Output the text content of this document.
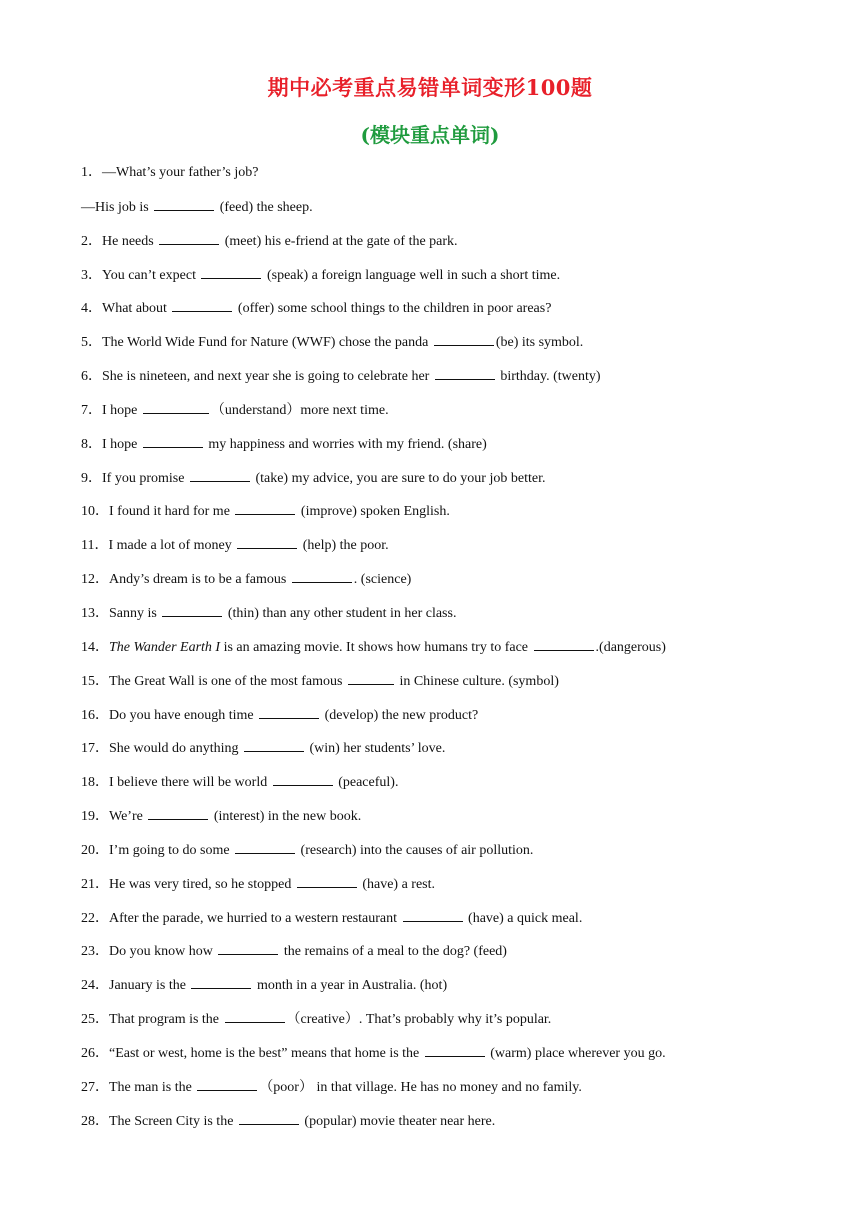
期中必考重点易错单词变形100题
(模块重点单词)
1．—What’s your father’s job?
—His job is	(feed) the sheep.
2．He needs	(meet) his e-friend at the gate of the park.
3．You can’t expect	(speak) a foreign language well in such a short time.
4．What about	(offer) some school things to the children in poor areas?
5．The World Wide Fund for Nature (WWF) chose the panda	(be) its symbol.
6．She is nineteen, and next year she is going to celebrate her	birthday. (twenty)
7．I hope	（understand）more next time.
8．I hope	my happiness and worries with my friend. (share)
9．If you promise	(take) my advice, you are sure to do your job better.
10．I found it hard for me	(improve) spoken English.
11．I made a lot of money	(help) the poor.
12．Andy’s dream is to be a famous	. (science)
13．Sanny is	(thin) than any other student in her class.
14．The Wander Earth I is an amazing movie. It shows how humans try to face	.(dangerous)
15．The Great Wall is one of the most famous	in Chinese culture. (symbol)
16．Do you have enough time	(develop) the new product?
17．She would do anything	(win) her students’ love.
18．I believe there will be world	(peaceful).
19．We’re	(interest) in the new book.
20．I’m going to do some	(research) into the causes of air pollution.
21．He was very tired, so he stopped	(have) a rest.
22．After the parade, we hurried to a western restaurant	(have) a quick meal.
23．Do you know how	the remains of a meal to the dog? (feed)
24．January is the	month in a year in Australia. (hot)
25．That program is the	（creative）. That’s probably why it’s popular.
26．“East or west, home is the best” means that home is the	(warm) place wherever you go.
27．The man is the	（poor） in that village. He has no money and no family.
28．The Screen City is the	(popular) movie theater near here.
